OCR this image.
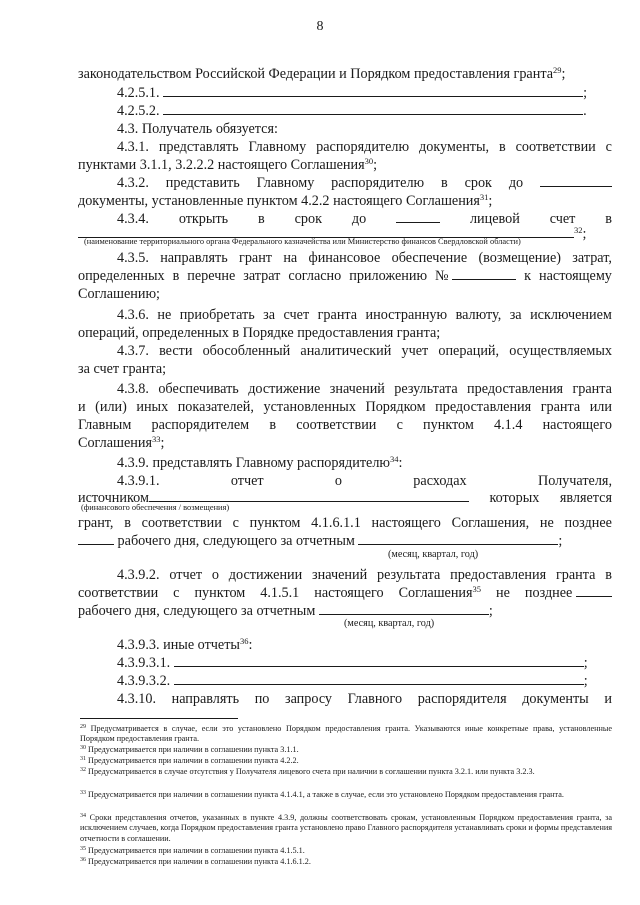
8
законодательством Российской Федерации и Порядком предоставления гранта$^{29}$;
4.2.5.1.	;
4.2.5.2.	.
4.3. Получатель обязуется:
4.3.1. представлять Главному распорядителю документы, в соответствии с
пунктами 3.1.1, 3.2.2.2 настоящего Соглашения$^{30}$;
4.3.2. представить Главному распорядителю в срок до
документы, установленные пунктом 4.2.2 настоящего Соглашения$^{31}$;
4.3.4. открыть в срок до	лицевой счет в
$^{32}$;
(наименование территориального органа Федерального казначейства или Министерство финансов Свердловской области)
4.3.5. направлять грант на финансовое обеспечение (возмещение) затрат,
определенных в перечне затрат согласно приложению №	к настоящему
Соглашению;
4.3.6. не приобретать за счет гранта иностранную валюту, за исключением
операций, определенных в Порядке предоставления гранта;
4.3.7. вести обособленный аналитический учет операций, осуществляемых
за счет гранта;
4.3.8. обеспечивать достижение значений результата предоставления гранта
и (или) иных показателей, установленных Порядком предоставления гранта или
Главным распорядителем в соответствии с пунктом 4.1.4 настоящего
Соглашения$^{33}$;
4.3.9. представлять Главному распорядителю$^{34}$:
4.3.9.1.	отчет	о	расходах	Получателя,
источником	которых является
(финансового обеспечения / возмещения)
грант, в соответствии с пунктом 4.1.6.1.1 настоящего Соглашения, не позднее
рабочего дня, следующего за отчетным	;
(месяц, квартал, год)
4.3.9.2. отчет о достижении значений результата предоставления гранта в
соответствии с пунктом 4.1.5.1 настоящего Соглашения$^{35}$ не позднее
рабочего дня, следующего за отчетным	;
(месяц, квартал, год)
4.3.9.3. иные отчеты$^{36}$:
4.3.9.3.1.	;
4.3.9.3.2.	;
4.3.10. направлять по запросу Главного распорядителя документы и
$^{29}$ Предусматривается в случае, если это установлено Порядком предоставления гранта. Указываются иные конкретные права, установленные Порядком предоставления гранта.
$^{30}$ Предусматривается при наличии в соглашении пункта 3.1.1.
$^{31}$ Предусматривается при наличии в соглашении пункта 4.2.2.
$^{32}$ Предусматривается в случае отсутствия у Получателя лицевого счета при наличии в соглашении пункта 3.2.1. или пункта 3.2.3.
$^{33}$ Предусматривается при наличии в соглашении пункта 4.1.4.1, а также в случае, если это установлено Порядком предоставления гранта.
$^{34}$ Сроки представления отчетов, указанных в пункте 4.3.9, должны соответствовать срокам, установленным Порядком предоставления гранта, за исключением случаев, когда Порядком предоставления гранта установлено право Главного распорядителя устанавливать сроки и формы представления отчетности в соглашении.
$^{35}$ Предусматривается при наличии в соглашении пункта 4.1.5.1.
$^{36}$ Предусматривается при наличии в соглашении пункта 4.1.6.1.2.
